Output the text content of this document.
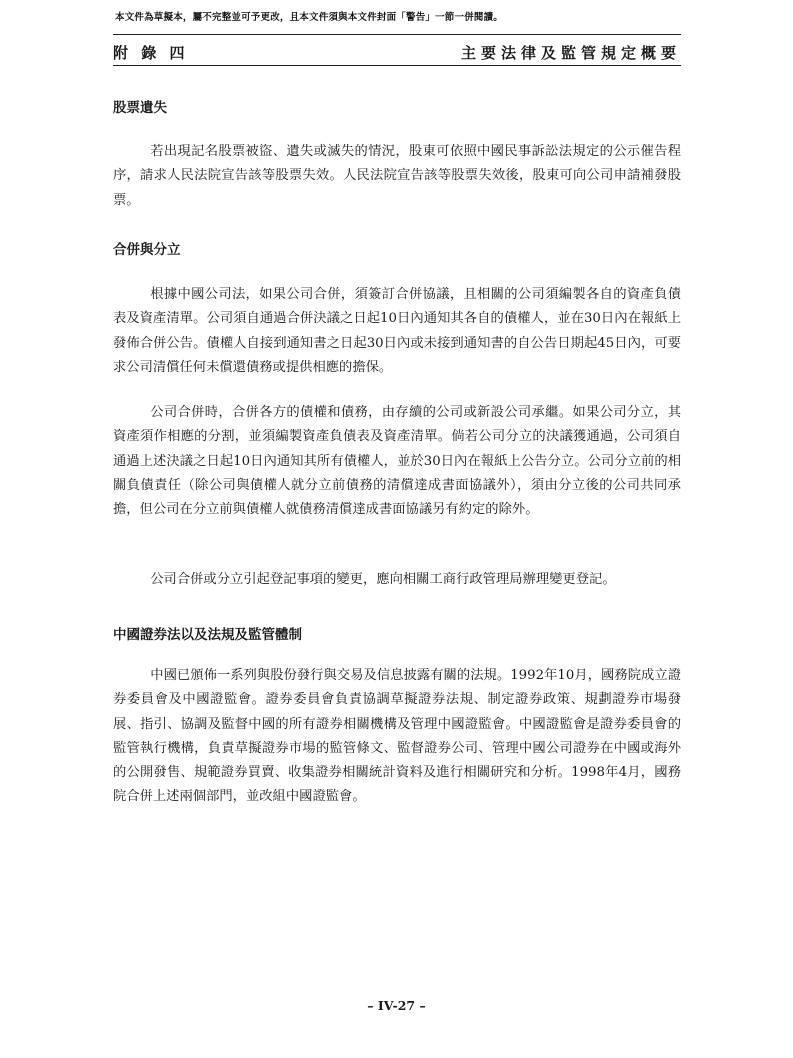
本文件為草擬本，屬不完整並可予更改，且本文件須與本文件封面「警告」一節一併閱讀。
附 錄 四	主要法律及監管規定概要
股票遺失

若出現記名股票被盜、遺失或滅失的情況，股東可依照中國民事訴訟法規定的公示催告程序，請求人民法院宣告該等股票失效。人民法院宣告該等股票失效後，股東可向公司申請補發股票。

合併與分立

根據中國公司法，如果公司合併，須簽訂合併協議，且相關的公司須編製各自的資產負債表及資產清單。公司須自通過合併決議之日起10日內通知其各自的債權人，並在30日內在報紙上發佈合併公告。債權人自接到通知書之日起30日內或未接到通知書的自公告日期起45日內，可要求公司清償任何未償還債務或提供相應的擔保。

公司合併時，合併各方的債權和債務，由存續的公司或新設公司承繼。如果公司分立，其資產須作相應的分割，並須編製資產負債表及資產清單。倘若公司分立的決議獲通過，公司須自通過上述決議之日起10日內通知其所有債權人，並於30日內在報紙上公告分立。公司分立前的相關負債責任（除公司與債權人就分立前債務的清償達成書面協議外），須由分立後的公司共同承擔，但公司在分立前與債權人就債務清償達成書面協議另有約定的除外。

公司合併或分立引起登記事項的變更，應向相關工商行政管理局辦理變更登記。

中國證券法以及法規及監管體制

中國已頒佈一系列與股份發行與交易及信息披露有關的法規。1992年10月，國務院成立證券委員會及中國證監會。證券委員會負責協調草擬證券法規、制定證券政策、規劃證券市場發展、指引、協調及監督中國的所有證券相關機構及管理中國證監會。中國證監會是證券委員會的監管執行機構，負責草擬證券市場的監管條文、監督證券公司、管理中國公司證券在中國或海外的公開發售、規範證券買賣、收集證券相關統計資料及進行相關研究和分析。1998年4月，國務院合併上述兩個部門，並改組中國證監會。

– IV-27 –
